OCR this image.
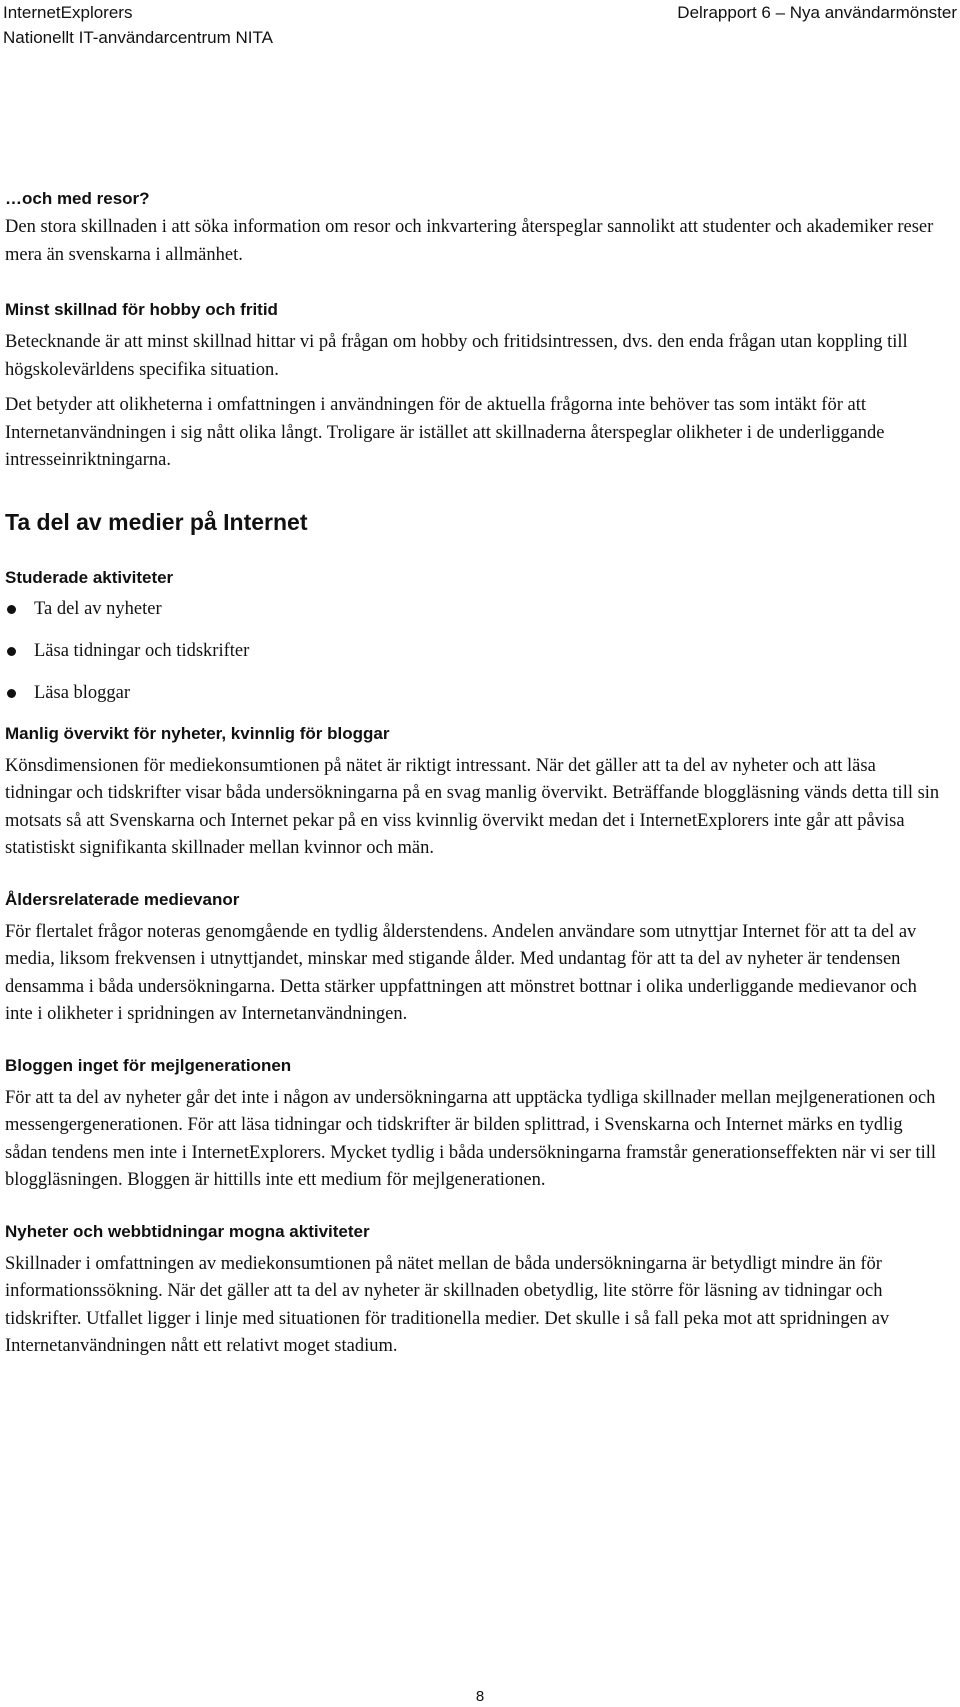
InternetExplorers
Nationellt IT-användarcentrum NITA
Delrapport 6 – Nya användarmönster
…och med resor?

Den stora skillnaden i att söka information om resor och inkvartering återspeglar sannolikt att studenter och akademiker reser mera än svenskarna i allmänhet.

Minst skillnad för hobby och fritid

Betecknande är att minst skillnad hittar vi på frågan om hobby och fritidsintressen, dvs. den enda frågan utan koppling till högskolevärldens specifika situation.

Det betyder att olikheterna i omfattningen i användningen för de aktuella frågorna inte behöver tas som intäkt för att Internetanvändningen i sig nått olika långt. Troligare är istället att skillnaderna återspeglar olikheter i de underliggande intresseinriktningarna.

Ta del av medier på Internet
Studerade aktiviteter
Ta del av nyheter
Läsa tidningar och tidskrifter
Läsa bloggar
Manlig övervikt för nyheter, kvinnlig för bloggar

Könsdimensionen för mediekonsumtionen på nätet är riktigt intressant. När det gäller att ta del av nyheter och att läsa tidningar och tidskrifter visar båda undersökningarna på en svag manlig övervikt. Beträffande bloggläsning vänds detta till sin motsats så att Svenskarna och Internet pekar på en viss kvinnlig övervikt medan det i InternetExplorers inte går att påvisa statistiskt signifikanta skillnader mellan kvinnor och män.

Åldersrelaterade medievanor

För flertalet frågor noteras genomgående en tydlig ålderstendens. Andelen användare som utnyttjar Internet för att ta del av media, liksom frekvensen i utnyttjandet, minskar med stigande ålder. Med undantag för att ta del av nyheter är tendensen densamma i båda undersökningarna. Detta stärker uppfattningen att mönstret bottnar i olika underliggande medievanor och inte i olikheter i spridningen av Internetanvändningen.

Bloggen inget för mejlgenerationen

För att ta del av nyheter går det inte i någon av undersökningarna att upptäcka tydliga skillnader mellan mejlgenerationen och messengergenerationen. För att läsa tidningar och tidskrifter är bilden splittrad, i Svenskarna och Internet märks en tydlig sådan tendens men inte i InternetExplorers. Mycket tydlig i båda undersökningarna framstår generationseffekten när vi ser till bloggläsningen. Bloggen är hittills inte ett medium för mejlgenerationen.

Nyheter och webbtidningar mogna aktiviteter

Skillnader i omfattningen av mediekonsumtionen på nätet mellan de båda undersökningarna är betydligt mindre än för informationssökning. När det gäller att ta del av nyheter är skillnaden obetydlig, lite större för läsning av tidningar och tidskrifter. Utfallet ligger i linje med situationen för traditionella medier. Det skulle i så fall peka mot att spridningen av Internetanvändningen nått ett relativt moget stadium.

8
